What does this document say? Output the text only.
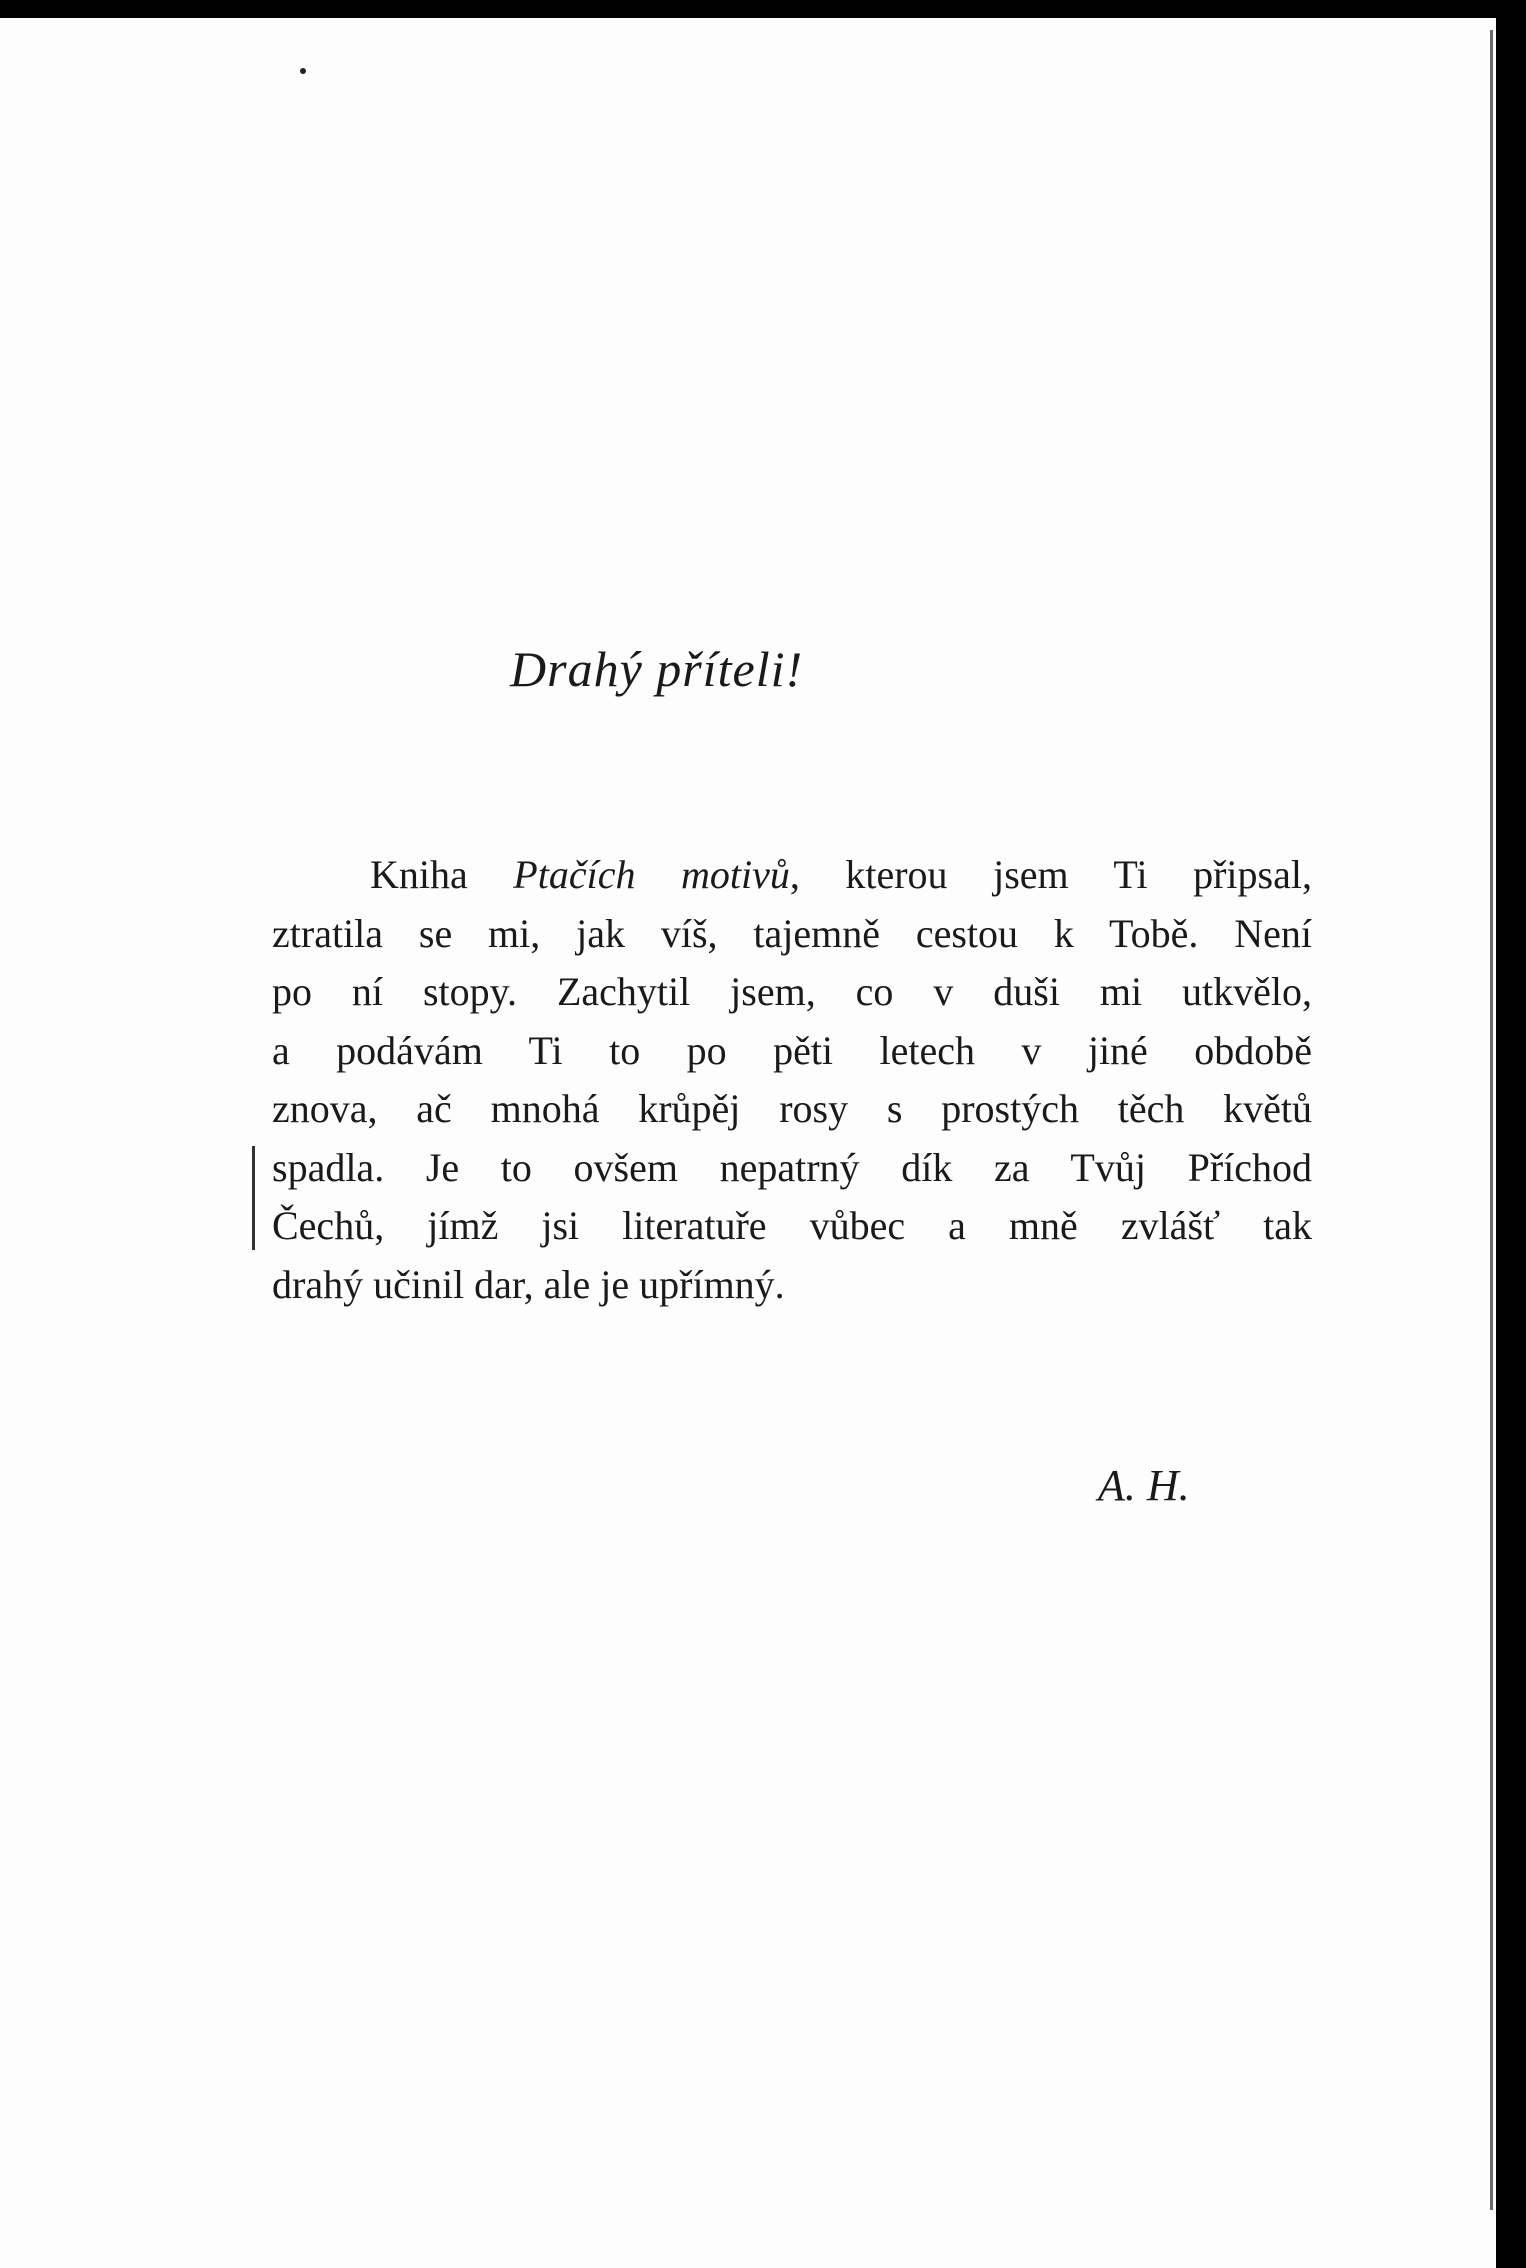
Drahý příteli!
Kniha Ptačích motivů, kterou jsem Ti připsal,
ztratila se mi, jak víš, tajemně cestou k Tobě. Není
po ní stopy. Zachytil jsem, co v duši mi utkvělo,
a podávám Ti to po pěti letech v jiné obdobě
znova, ač mnohá krůpěj rosy s prostých těch květů
spadla. Je to ovšem nepatrný dík za Tvůj Příchod
Čechů, jímž jsi literatuře vůbec a mně zvlášť tak
drahý učinil dar, ale je upřímný.
A. H.
